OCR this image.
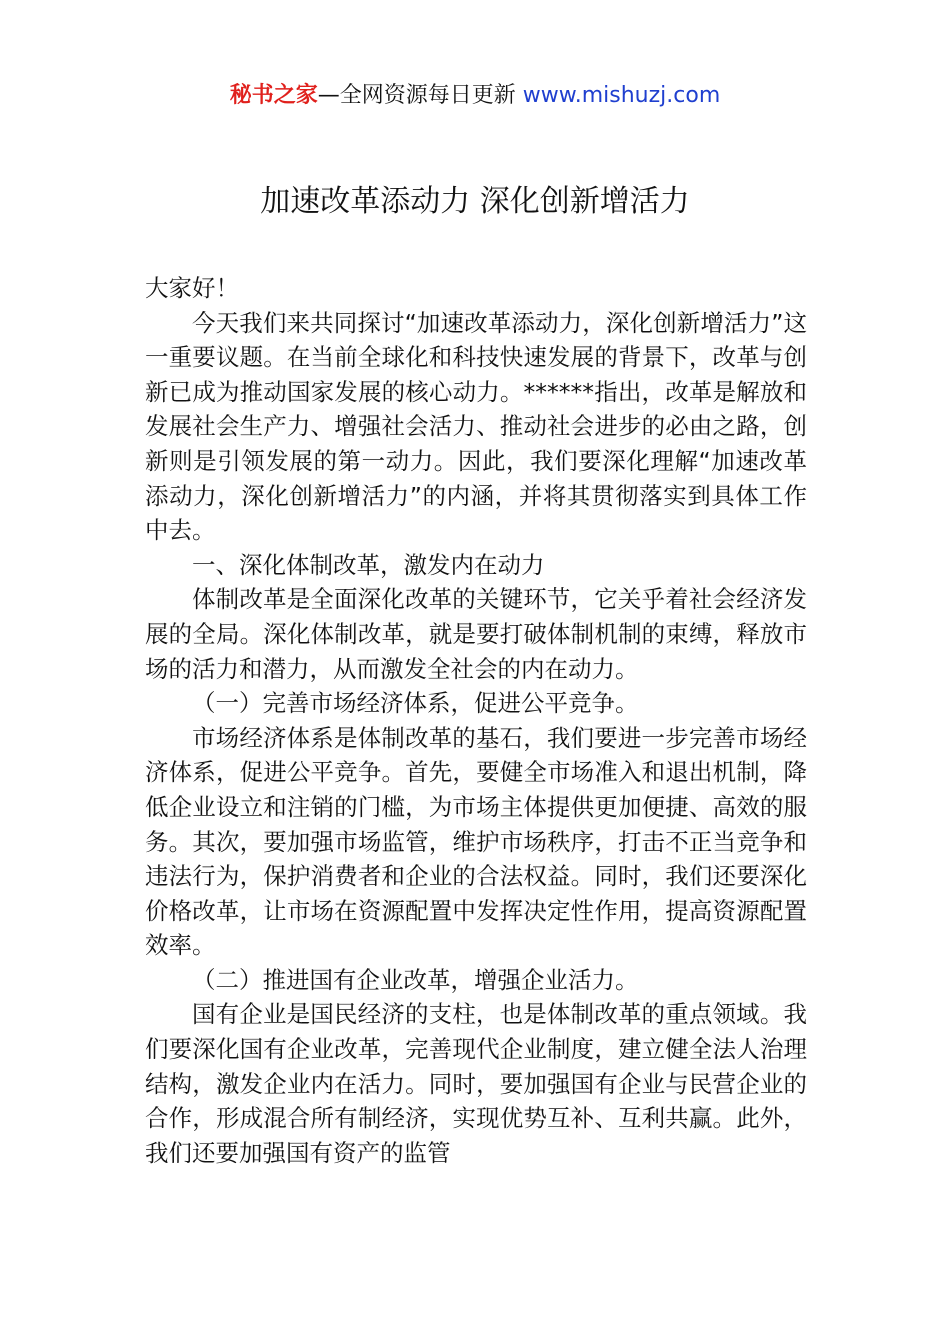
秘书之家—全网资源每日更新 www.mishuzj.com
加速改革添动力 深化创新增活力

大家好！

今天我们来共同探讨“加速改革添动力，深化创新增活力”这一重要议题。在当前全球化和科技快速发展的背景下，改革与创新已成为推动国家发展的核心动力。******指出，改革是解放和发展社会生产力、增强社会活力、推动社会进步的必由之路，创新则是引领发展的第一动力。因此，我们要深化理解“加速改革添动力，深化创新增活力”的内涵，并将其贯彻落实到具体工作中去。

一、深化体制改革，激发内在动力

体制改革是全面深化改革的关键环节，它关乎着社会经济发展的全局。深化体制改革，就是要打破体制机制的束缚，释放市场的活力和潜力，从而激发全社会的内在动力。

（一）完善市场经济体系，促进公平竞争。

市场经济体系是体制改革的基石，我们要进一步完善市场经济体系，促进公平竞争。首先，要健全市场准入和退出机制，降低企业设立和注销的门槛，为市场主体提供更加便捷、高效的服务。其次，要加强市场监管，维护市场秩序，打击不正当竞争和违法行为，保护消费者和企业的合法权益。同时，我们还要深化价格改革，让市场在资源配置中发挥决定性作用，提高资源配置效率。

（二）推进国有企业改革，增强企业活力。

国有企业是国民经济的支柱，也是体制改革的重点领域。我们要深化国有企业改革，完善现代企业制度，建立健全法人治理结构，激发企业内在活力。同时，要加强国有企业与民营企业的合作，形成混合所有制经济，实现优势互补、互利共赢。此外，我们还要加强国有资产的监管
